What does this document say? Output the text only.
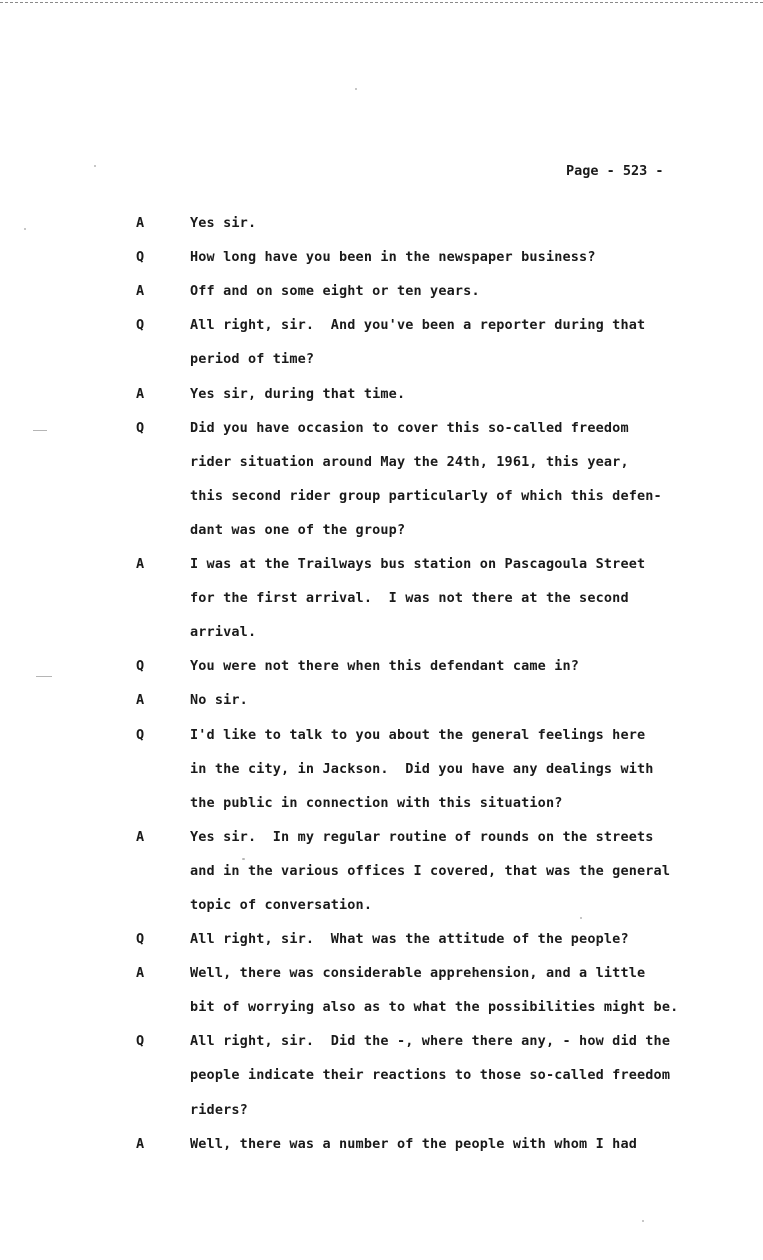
Page - 523 -
A	Yes sir.
Q	How long have you been in the newspaper business?
A	Off and on some eight or ten years.
Q	All right, sir.  And you've been a reporter during that
period of time?
A	Yes sir, during that time.
Q	Did you have occasion to cover this so-called freedom
rider situation around May the 24th, 1961, this year,
this second rider group particularly of which this defen-
dant was one of the group?
A	I was at the Trailways bus station on Pascagoula Street
for the first arrival.  I was not there at the second
arrival.
Q	You were not there when this defendant came in?
A	No sir.
Q	I'd like to talk to you about the general feelings here
in the city, in Jackson.  Did you have any dealings with
the public in connection with this situation?
A	Yes sir.  In my regular routine of rounds on the streets
and in the various offices I covered, that was the general
topic of conversation.
Q	All right, sir.  What was the attitude of the people?
A	Well, there was considerable apprehension, and a little
bit of worrying also as to what the possibilities might be.
Q	All right, sir.  Did the -, where there any, - how did the
people indicate their reactions to those so-called freedom
riders?
A	Well, there was a number of the people with whom I had
